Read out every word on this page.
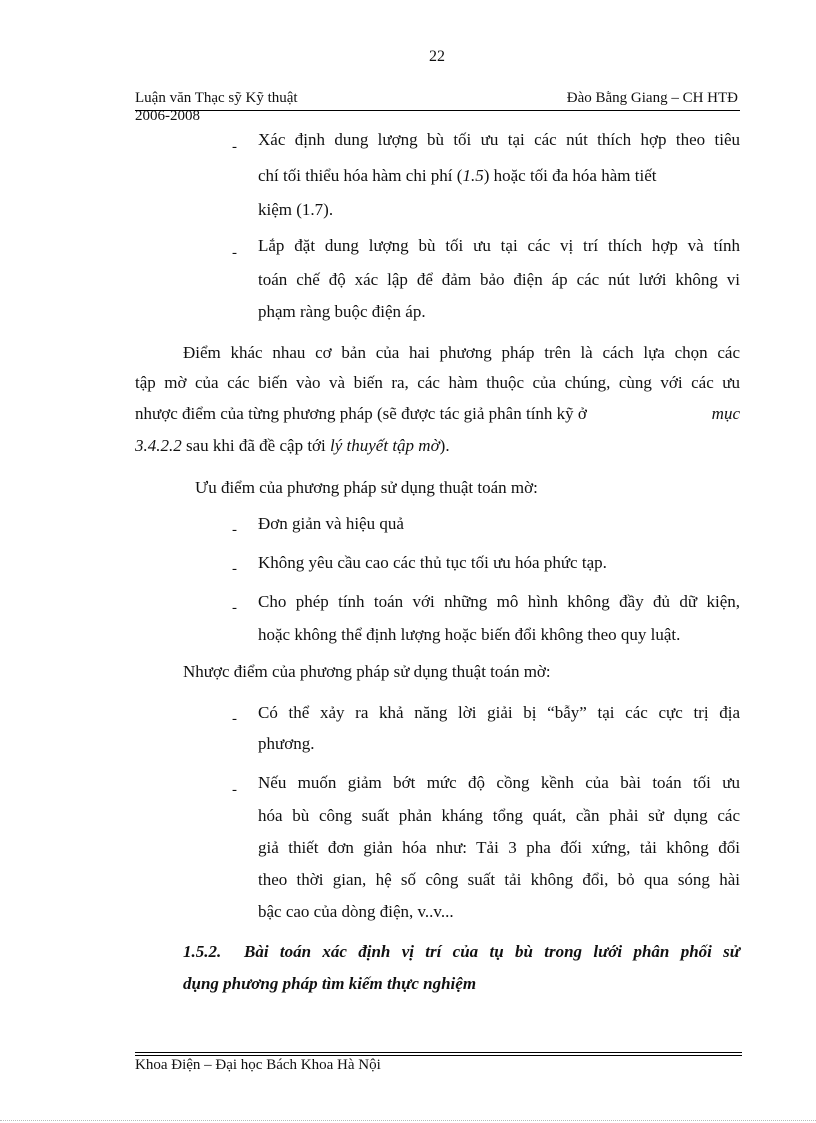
22
Luận văn Thạc sỹ Kỹ thuật
2006-2008
Đào Bằng Giang – CH HTĐ
- Xác định dung lượng bù tối ưu tại các nút thích hợp theo tiêu
chí tối thiểu hóa hàm chi phí (1.5) hoặc tối đa hóa hàm tiết
kiệm (1.7).
- Lắp đặt dung lượng bù tối ưu tại các vị trí thích hợp và tính
toán chế độ xác lập để đảm bảo điện áp các nút lưới không vi
phạm ràng buộc điện áp.
Điểm khác nhau cơ bản của hai phương pháp trên là cách lựa chọn các
tập mờ của các biến vào và biến ra, các hàm thuộc của chúng, cùng với các ưu
nhược điểm của từng phương pháp (sẽ được tác giả phân tính kỹ ở	mục
3.4.2.2 sau khi đã đề cập tới lý thuyết tập mờ).
Ưu điểm của phương pháp sử dụng thuật toán mờ:
- Đơn giản và hiệu quả
- Không yêu cầu cao các thủ tục tối ưu hóa phức tạp.
- Cho phép tính toán với những mô hình không đầy đủ dữ kiện,
hoặc không thể định lượng hoặc biến đổi không theo quy luật.
Nhược điểm của phương pháp sử dụng thuật toán mờ:
- Có thể xảy ra khả năng lời giải bị “bẫy” tại các cực trị địa
phương.
- Nếu muốn giảm bớt mức độ cồng kềnh của bài toán tối ưu
hóa bù công suất phản kháng tổng quát, cần phải sử dụng các
giả thiết đơn giản hóa như: Tải 3 pha đối xứng, tải không đổi
theo thời gian, hệ số công suất tải không đổi, bỏ qua sóng hài
bậc cao của dòng điện, v..v...
1.5.2. Bài toán xác định vị trí của tụ bù trong lưới phân phối sử
dụng phương pháp tìm kiếm thực nghiệm
Khoa Điện – Đại học Bách Khoa Hà Nội
